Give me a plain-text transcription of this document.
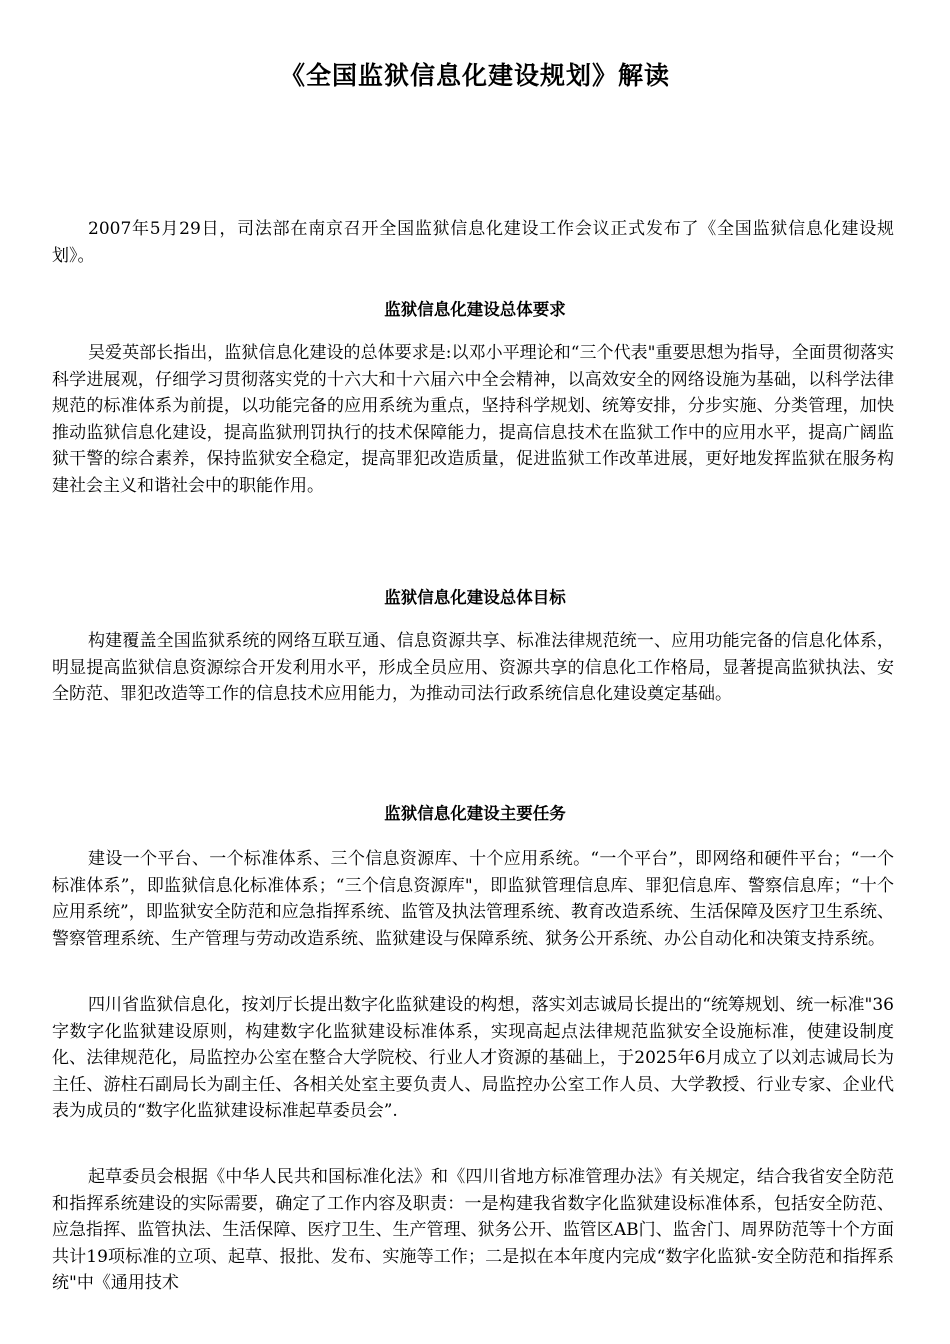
《全国监狱信息化建设规划》解读

2007年5月29日，司法部在南京召开全国监狱信息化建设工作会议正式发布了《全国监狱信息化建设规划》。

监狱信息化建设总体要求

吴爱英部长指出，监狱信息化建设的总体要求是:以邓小平理论和“三个代表"重要思想为指导，全面贯彻落实科学进展观，仔细学习贯彻落实党的十六大和十六届六中全会精神，以高效安全的网络设施为基础，以科学法律规范的标准体系为前提，以功能完备的应用系统为重点，坚持科学规划、统筹安排，分步实施、分类管理，加快推动监狱信息化建设，提高监狱刑罚执行的技术保障能力，提高信息技术在监狱工作中的应用水平，提高广阔监狱干警的综合素养，保持监狱安全稳定，提高罪犯改造质量，促进监狱工作改革进展，更好地发挥监狱在服务构建社会主义和谐社会中的职能作用。

监狱信息化建设总体目标

构建覆盖全国监狱系统的网络互联互通、信息资源共享、标准法律规范统一、应用功能完备的信息化体系，明显提高监狱信息资源综合开发利用水平，形成全员应用、资源共享的信息化工作格局，显著提高监狱执法、安全防范、罪犯改造等工作的信息技术应用能力，为推动司法行政系统信息化建设奠定基础。

监狱信息化建设主要任务

建设一个平台、一个标准体系、三个信息资源库、十个应用系统。“一个平台”，即网络和硬件平台；“一个标准体系”，即监狱信息化标准体系；“三个信息资源库"，即监狱管理信息库、罪犯信息库、警察信息库；“十个应用系统”，即监狱安全防范和应急指挥系统、监管及执法管理系统、教育改造系统、生活保障及医疗卫生系统、警察管理系统、生产管理与劳动改造系统、监狱建设与保障系统、狱务公开系统、办公自动化和决策支持系统。

四川省监狱信息化，按刘厅长提出数字化监狱建设的构想，落实刘志诚局长提出的“统筹规划、统一标准"36字数字化监狱建设原则，构建数字化监狱建设标准体系，实现高起点法律规范监狱安全设施标准，使建设制度化、法律规范化，局监控办公室在整合大学院校、行业人才资源的基础上，于2025年6月成立了以刘志诚局长为主任、游柱石副局长为副主任、各相关处室主要负责人、局监控办公室工作人员、大学教授、行业专家、企业代表为成员的“数字化监狱建设标准起草委员会”.

起草委员会根据《中华人民共和国标准化法》和《四川省地方标准管理办法》有关规定，结合我省安全防范和指挥系统建设的实际需要，确定了工作内容及职责：一是构建我省数字化监狱建设标准体系，包括安全防范、应急指挥、监管执法、生活保障、医疗卫生、生产管理、狱务公开、监管区AB门、监舍门、周界防范等十个方面共计19项标准的立项、起草、报批、发布、实施等工作；二是拟在本年度内完成“数字化监狱-安全防范和指挥系统"中《通用技术
